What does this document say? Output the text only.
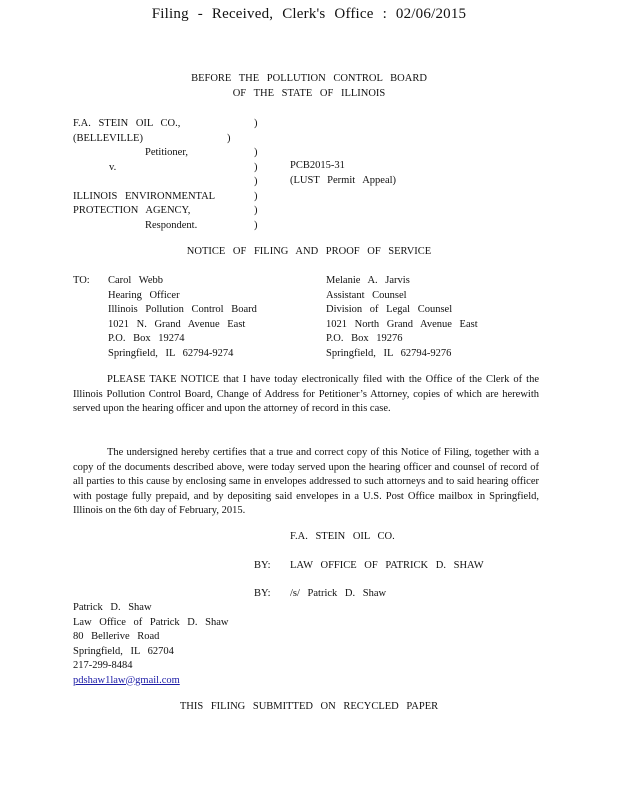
Filing - Received, Clerk's Office : 02/06/2015
BEFORE THE POLLUTION CONTROL BOARD
OF THE STATE OF ILLINOIS
F.A. STEIN OIL CO.,
(BELLEVILLE)	)
Petitioner,
v.

ILLINOIS ENVIRONMENTAL
PROTECTION AGENCY,
Respondent.
)

)
)
)
)
)
)
PCB2015-31
(LUST Permit Appeal)
NOTICE OF FILING AND PROOF OF SERVICE
TO: Carol Webb
Hearing Officer
Illinois Pollution Control Board
1021 N. Grand Avenue East
P.O. Box 19274
Springfield, IL 62794-9274
Melanie A. Jarvis
Assistant Counsel
Division of Legal Counsel
1021 North Grand Avenue East
P.O. Box 19276
Springfield, IL 62794-9276
PLEASE TAKE NOTICE that I have today electronically filed with the Office of the Clerk of the Illinois Pollution Control Board, Change of Address for Petitioner’s Attorney, copies of which are herewith served upon the hearing officer and upon the attorney of record in this case.
The undersigned hereby certifies that a true and correct copy of this Notice of Filing, together with a copy of the documents described above, were today served upon the hearing officer and counsel of record of all parties to this cause by enclosing same in envelopes addressed to such attorneys and to said hearing officer with postage fully prepaid, and by depositing said envelopes in a U.S. Post Office mailbox in Springfield, Illinois on the 6th day of February, 2015.
F.A. STEIN OIL CO.
BY: LAW OFFICE OF PATRICK D. SHAW
BY: /s/ Patrick D. Shaw
Patrick D. Shaw
Law Office of Patrick D. Shaw
80 Bellerive Road
Springfield, IL 62704
217-299-8484
pdshaw1law@gmail.com
THIS FILING SUBMITTED ON RECYCLED PAPER
